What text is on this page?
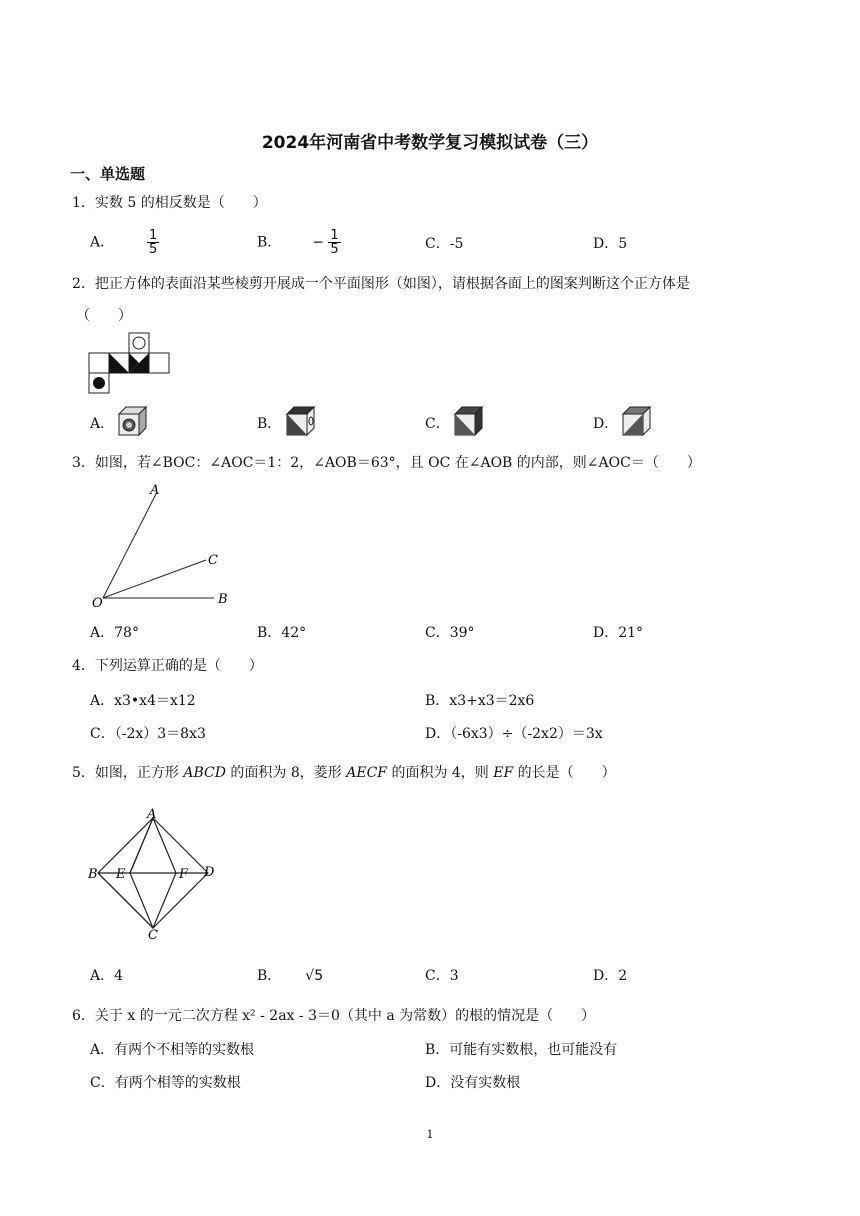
2024年河南省中考数学复习模拟试卷（三）
一、单选题
1．实数 5 的相反数是（　　）
A．	$\frac{1}{5}$	B． − $\frac{1}{5}$	C．-5	D．5
2．把正方体的表面沿某些棱剪开展成一个平面图形（如图），请根据各面上的图案判断这个正方体是
（　　）
A．	B．	C．	D．
3．如图，若∠BOC：∠AOC＝1：2，∠AOB＝63°，且 OC 在∠AOB 的内部，则∠AOC＝（　　）
A
C
O	B
A．78°	B．42°	C．39°	D．21°
4．下列运算正确的是（　　）
A．x3•x4＝x12	B．x3+x3＝2x6
C．（-2x）3＝8x3	D．（-6x3）÷（-2x2）＝3x
5．如图，正方形 ABCD 的面积为 8，菱形 AECF 的面积为 4，则 EF 的长是（　　）
A
B E	F D
C
A．4	B． √5	C．3	D．2
6．关于 x 的一元二次方程 x² - 2ax - 3＝0（其中 a 为常数）的根的情况是（　　）
A．有两个不相等的实数根	B．可能有实数根，也可能没有
C．有两个相等的实数根	D．没有实数根
1
